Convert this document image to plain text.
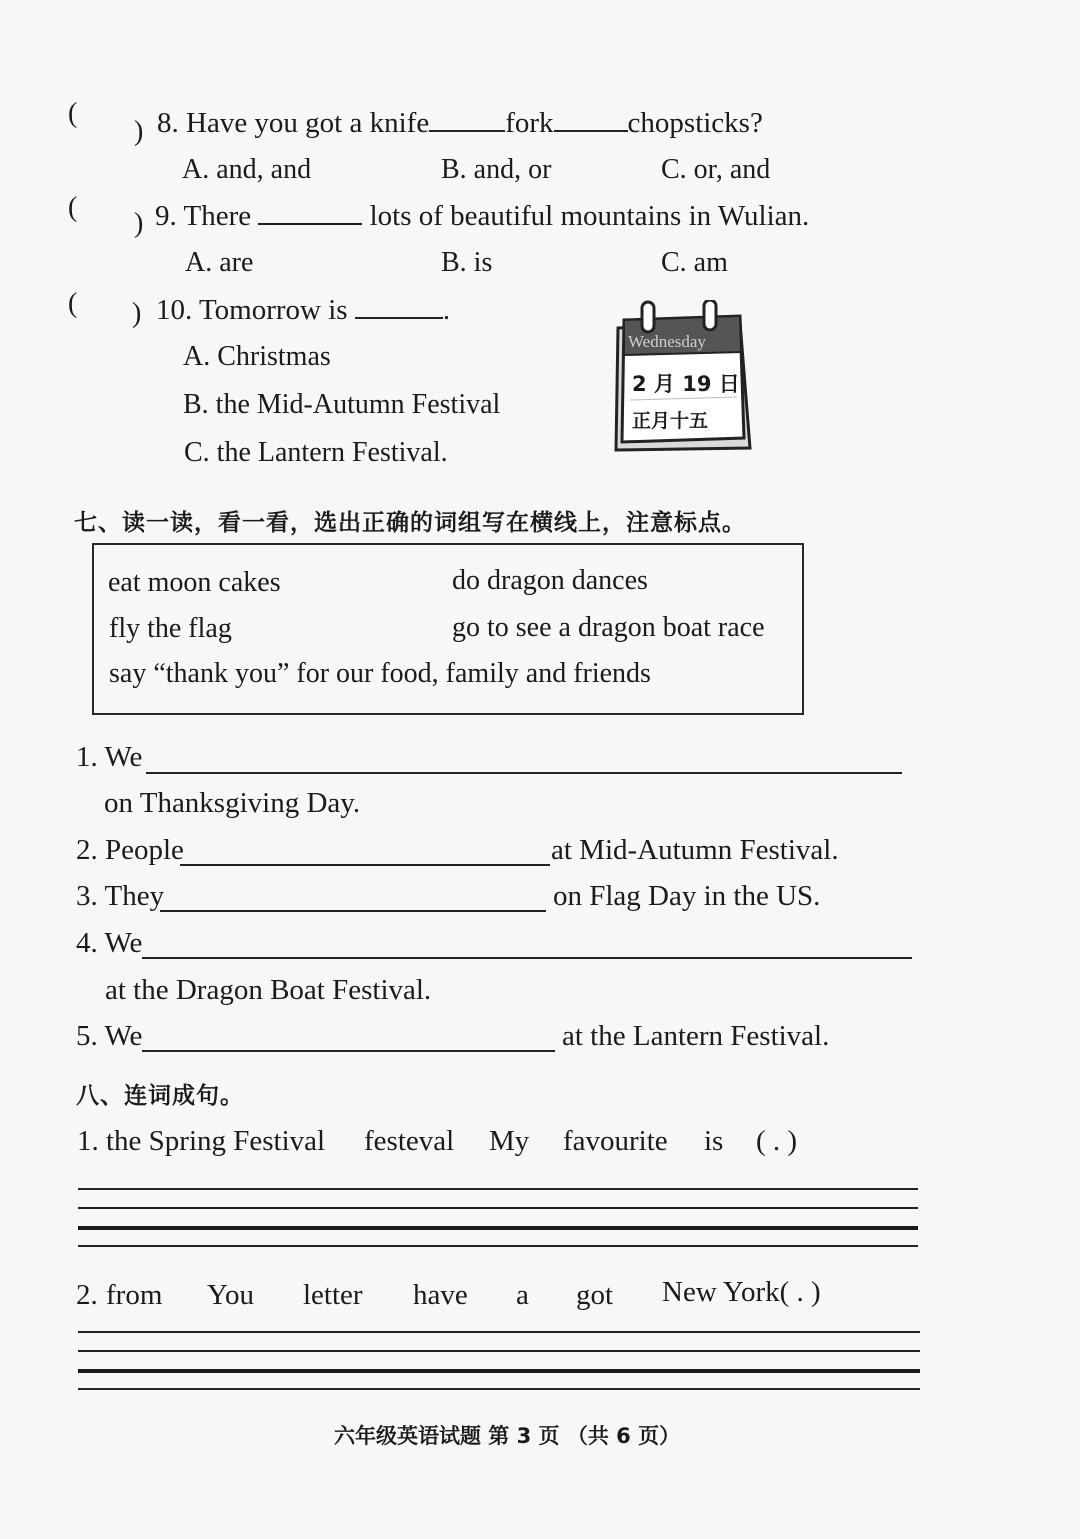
(
) 8. Have you got a knife	fork	chopsticks?
A. and, and	B. and, or	C. or, and
(
) 9. There	lots of beautiful mountains in Wulian.
A. are	B. is	C. am
( ) 10. Tomorrow is	.
A. Christmas
B. the Mid-Autumn Festival
C. the Lantern Festival.
Wednesday
2 月 19 日
正月十五
七、读一读，看一看，选出正确的词组写在横线上，注意标点。
eat moon cakes	do dragon dances
fly the flag	go to see a dragon boat race
say “thank you” for our food, family and friends
1. We
on Thanksgiving Day.
2. People	at Mid-Autumn Festival.
3. They	on Flag Day in the US.
4. We
at the Dragon Boat Festival.
5. We	at the Lantern Festival.
八、连词成句。
1. the Spring Festival festeval My favourite is ( . )
2. from You letter have a got New York( . )
六年级英语试题 第 3 页 （共 6 页）
